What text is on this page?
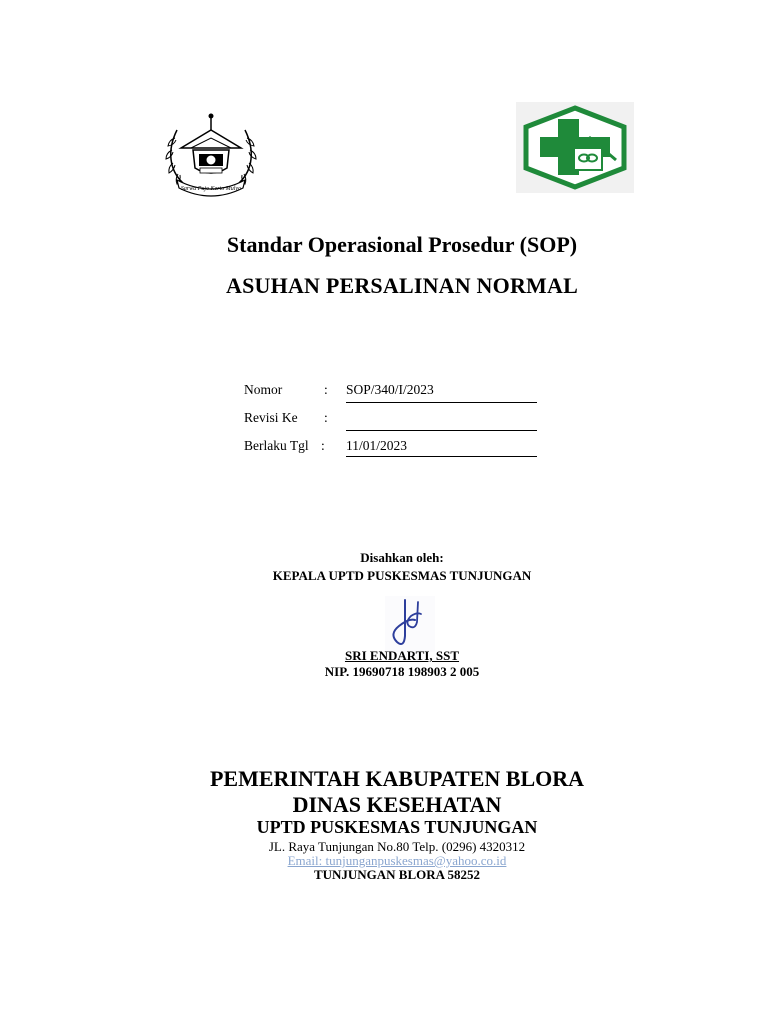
Sarwa Pujo Kerto Mulyo
Standar Operasional Prosedur (SOP)
ASUHAN PERSALINAN NORMAL
Nomor	: SOP/340/I/2023
Revisi Ke :
Berlaku Tgl : 11/01/2023
Disahkan oleh:
KEPALA UPTD PUSKESMAS TUNJUNGAN
SRI ENDARTI, SST
NIP. 19690718 198903 2 005
PEMERINTAH KABUPATEN BLORA
DINAS KESEHATAN
UPTD PUSKESMAS TUNJUNGAN
JL. Raya Tunjungan No.80 Telp. (0296) 4320312
Email: tunjunganpuskesmas@yahoo.co.id
TUNJUNGAN BLORA 58252
